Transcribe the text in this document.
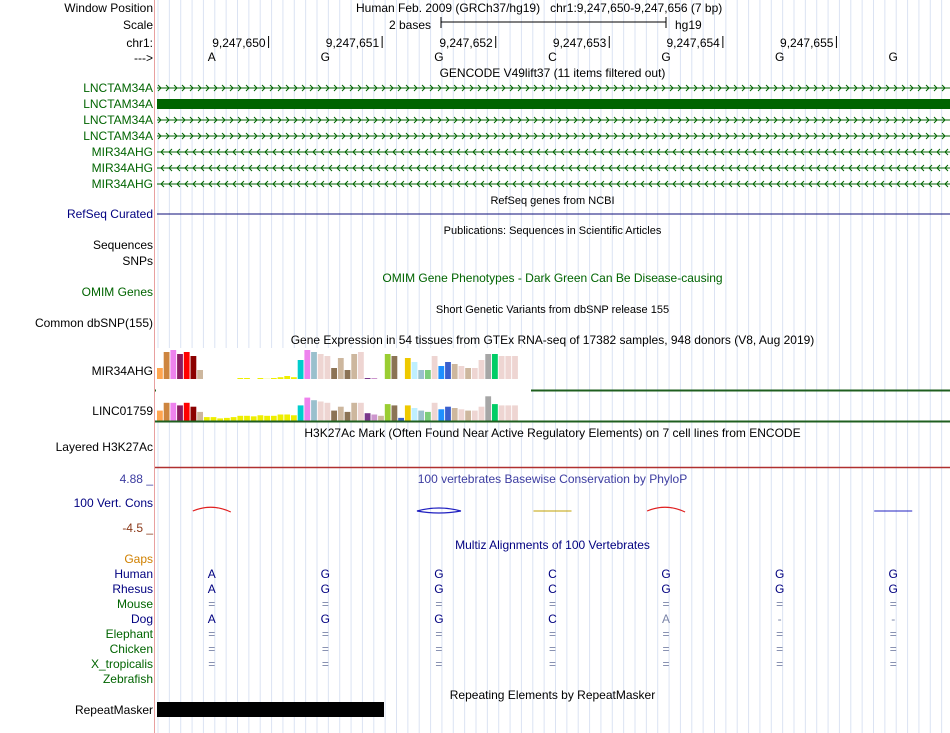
Window Position	Human Feb. 2009 (GRCh37/hg19) chr1:9,247,650-9,247,656 (7 bp)
Scale	2 bases	hg19
chr1:
--->
9,247,650	9,247,651	9,247,652	9,247,653	9,247,654	9,247,655
A	G	G	C	G	G	G
GENCODE V49lift37 (11 items filtered out)
LNCTAM34A
LNCTAM34A
LNCTAM34A
LNCTAM34A
MIR34AHG
MIR34AHG
MIR34AHG
RefSeq genes from NCBI
RefSeq Curated
Publications: Sequences in Scientific Articles
Sequences
SNPs
OMIM Gene Phenotypes - Dark Green Can Be Disease-causing
OMIM Genes
Short Genetic Variants from dbSNP release 155
Common dbSNP(155)
Gene Expression in 54 tissues from GTEx RNA-seq of 17382 samples, 948 donors (V8, Aug 2019)
MIR34AHG
LINC01759
H3K27Ac Mark (Often Found Near Active Regulatory Elements) on 7 cell lines from ENCODE
Layered H3K27Ac
100 vertebrates Basewise Conservation by PhyloP
100 Vert. Cons
4.88 _
-4.5 _
Multiz Alignments of 100 Vertebrates
Gaps
Human	A	G	G	C	G	G	G
Rhesus	A	G	G	C	G	G	G
Mouse	=	=	=	=	=	=	=
Dog	A	G	G	C	A	-	-
Elephant	=	=	=	=	=	=	=
Chicken	=	=	=	=	=	=	=
X_tropicalis	=	=	=	=	=	=	=
Zebrafish
Repeating Elements by RepeatMasker
RepeatMasker
